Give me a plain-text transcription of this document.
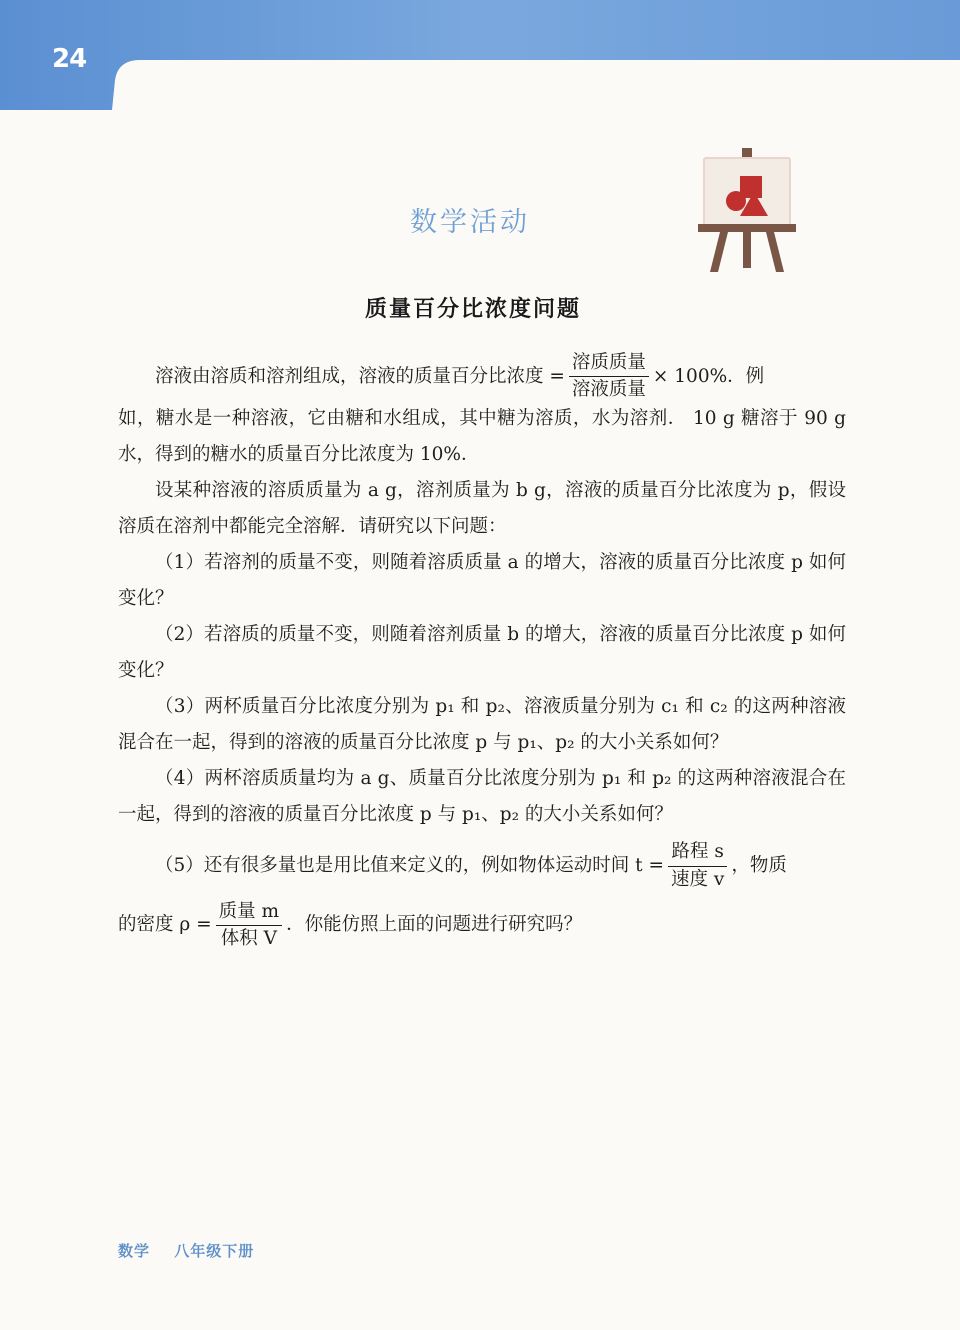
24
数学活动
质量百分比浓度问题
溶液由溶质和溶剂组成，溶液的质量百分比浓度 = $\frac{\text{溶质质量}}{\text{溶液质量}} \times 100\%$．例
如，糖水是一种溶液，它由糖和水组成，其中糖为溶质，水为溶剂． 10 g 糖溶于 90 g 水，得到的糖水的质量百分比浓度为 10%．
设某种溶液的溶质质量为 a g，溶剂质量为 b g，溶液的质量百分比浓度为 p，假设溶质在溶剂中都能完全溶解．请研究以下问题：
（1）若溶剂的质量不变，则随着溶质质量 a 的增大，溶液的质量百分比浓度 p 如何变化？
（2）若溶质的质量不变，则随着溶剂质量 b 的增大，溶液的质量百分比浓度 p 如何变化？
（3）两杯质量百分比浓度分别为 p₁ 和 p₂、溶液质量分别为 c₁ 和 c₂ 的这两种溶液混合在一起，得到的溶液的质量百分比浓度 p 与 p₁、p₂ 的大小关系如何？
（4）两杯溶质质量均为 a g、质量百分比浓度分别为 p₁ 和 p₂ 的这两种溶液混合在一起，得到的溶液的质量百分比浓度 p 与 p₁、p₂ 的大小关系如何？
（5）还有很多量也是用比值来定义的，例如物体运动时间 $t = \frac{\text{路程 s}}{\text{速度 v}}$ ，物质
的密度 $\rho = \frac{\text{质量 m}}{\text{体积 V}}$ ．你能仿照上面的问题进行研究吗？
数学 八年级下册
